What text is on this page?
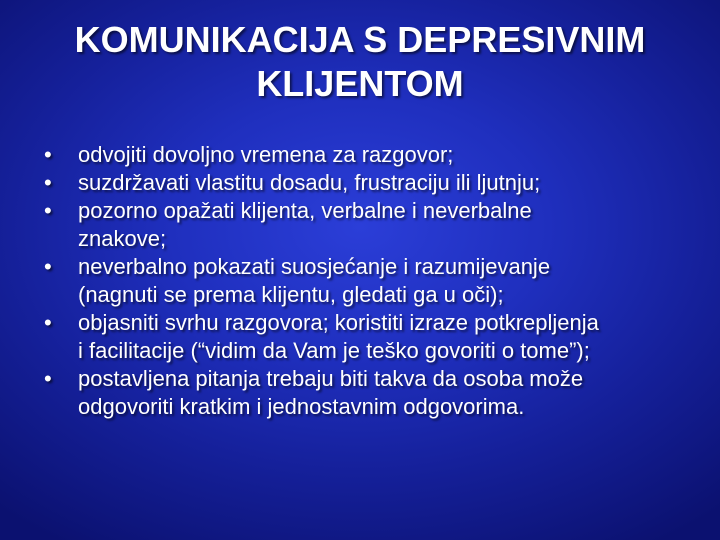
KOMUNIKACIJA S DEPRESIVNIM
KLIJENTOM
•	odvojiti dovoljno vremena za razgovor;
•	suzdržavati vlastitu dosadu, frustraciju ili ljutnju;
•	pozorno opažati klijenta, verbalne i neverbalne
znakove;
•	neverbalno pokazati suosjećanje i razumijevanje
(nagnuti se prema klijentu, gledati ga u oči);
•	objasniti svrhu razgovora; koristiti izraze potkrepljenja
i facilitacije (“vidim da Vam je teško govoriti o tome”);
•	postavljena pitanja trebaju biti takva da osoba može
odgovoriti kratkim i jednostavnim odgovorima.
